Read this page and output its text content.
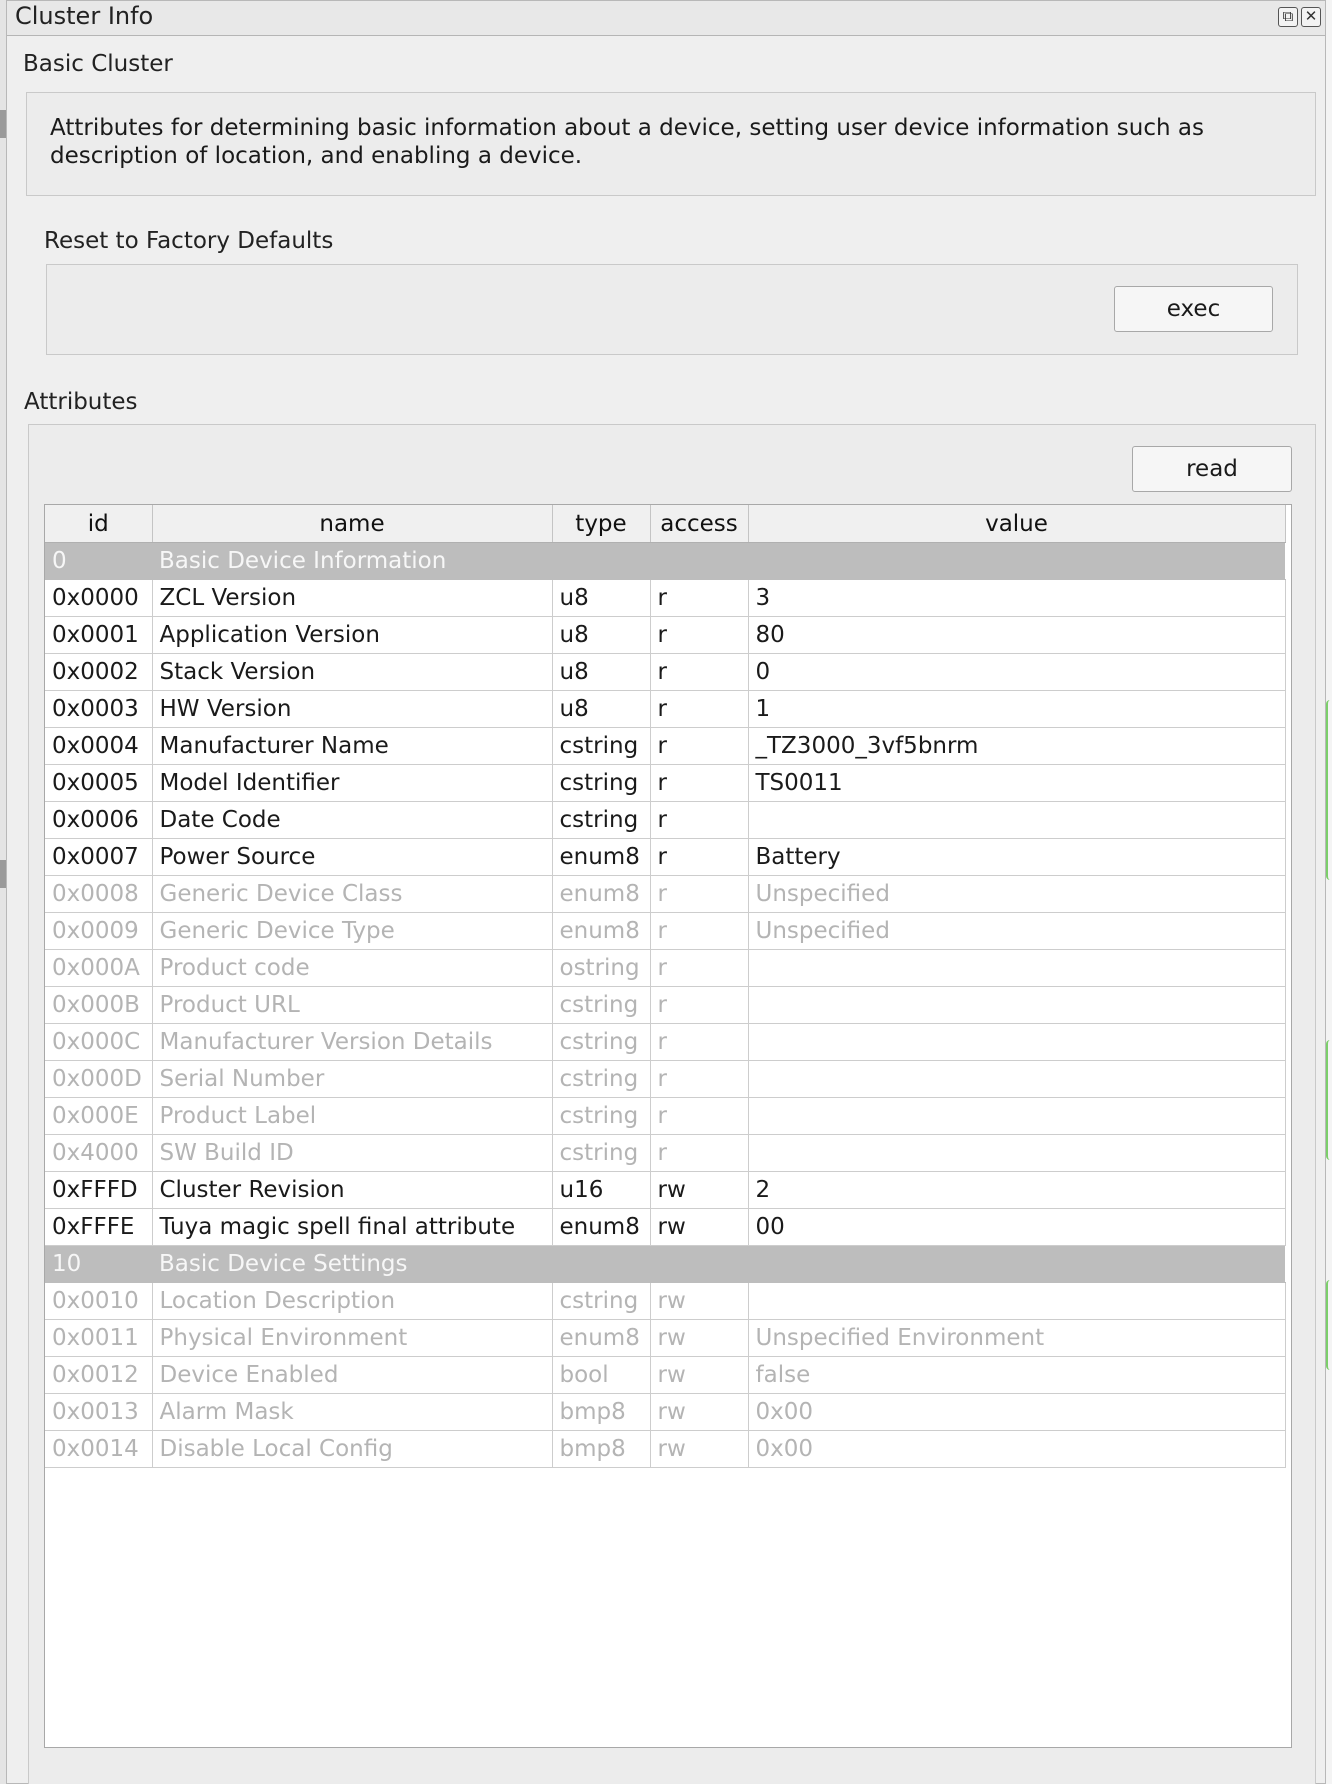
Cluster Info	⧉ ✕
Basic Cluster
Attributes for determining basic information about a device, setting user device information such as description of location, and enabling a device.
Reset to Factory Defaults
exec
Attributes
read
id	name	type	access	value
0	Basic Device Information			
0x0000	ZCL Version	u8	r	3
0x0001	Application Version	u8	r	80
0x0002	Stack Version	u8	r	0
0x0003	HW Version	u8	r	1
0x0004	Manufacturer Name	cstring	r	_TZ3000_3vf5bnrm
0x0005	Model Identifier	cstring	r	TS0011
0x0006	Date Code	cstring	r	
0x0007	Power Source	enum8	r	Battery
0x0008	Generic Device Class	enum8	r	Unspecified
0x0009	Generic Device Type	enum8	r	Unspecified
0x000A	Product code	ostring	r	
0x000B	Product URL	cstring	r	
0x000C	Manufacturer Version Details	cstring	r	
0x000D	Serial Number	cstring	r	
0x000E	Product Label	cstring	r	
0x4000	SW Build ID	cstring	r	
0xFFFD	Cluster Revision	u16	rw	2
0xFFFE	Tuya magic spell final attribute	enum8	rw	00
10	Basic Device Settings			
0x0010	Location Description	cstring	rw	
0x0011	Physical Environment	enum8	rw	Unspecified Environment
0x0012	Device Enabled	bool	rw	false
0x0013	Alarm Mask	bmp8	rw	0x00
0x0014	Disable Local Config	bmp8	rw	0x00
